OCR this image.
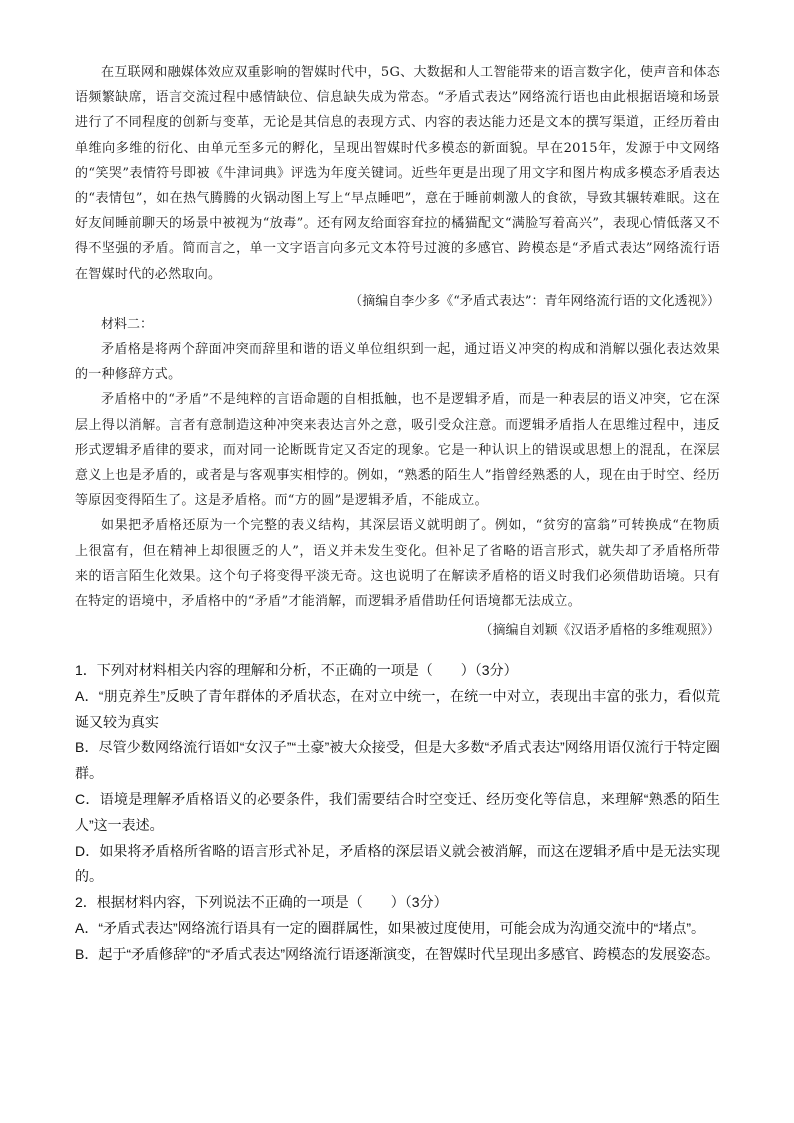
在互联网和融媒体效应双重影响的智媒时代中，5G、大数据和人工智能带来的语言数字化，使声音和体态语频繁缺席，语言交流过程中感情缺位、信息缺失成为常态。“矛盾式表达”网络流行语也由此根据语境和场景进行了不同程度的创新与变革，无论是其信息的表现方式、内容的表达能力还是文本的撰写渠道，正经历着由单维向多维的衍化、由单元至多元的孵化，呈现出智媒时代多模态的新面貌。早在2015年，发源于中文网络的“笑哭”表情符号即被《牛津词典》评选为年度关键词。近些年更是出现了用文字和图片构成多模态矛盾表达的“表情包”，如在热气腾腾的火锅动图上写上“早点睡吧”，意在于睡前刺激人的食欲，导致其辗转难眠。这在好友间睡前聊天的场景中被视为“放毒”。还有网友给面容耷拉的橘猫配文“满脸写着高兴”，表现心情低落又不得不坚强的矛盾。简而言之，单一文字语言向多元文本符号过渡的多感官、跨模态是“矛盾式表达”网络流行语在智媒时代的必然取向。

（摘编自李少多《“矛盾式表达”：青年网络流行语的文化透视》）

材料二：

矛盾格是将两个辞面冲突而辞里和谐的语义单位组织到一起，通过语义冲突的构成和消解以强化表达效果的一种修辞方式。

矛盾格中的“矛盾”不是纯粹的言语命题的自相抵触，也不是逻辑矛盾，而是一种表层的语义冲突，它在深层上得以消解。言者有意制造这种冲突来表达言外之意，吸引受众注意。而逻辑矛盾指人在思维过程中，违反形式逻辑矛盾律的要求，而对同一论断既肯定又否定的现象。它是一种认识上的错误或思想上的混乱，在深层意义上也是矛盾的，或者是与客观事实相悖的。例如，“熟悉的陌生人”指曾经熟悉的人，现在由于时空、经历等原因变得陌生了。这是矛盾格。而“方的圆”是逻辑矛盾，不能成立。

如果把矛盾格还原为一个完整的表义结构，其深层语义就明朗了。例如，“贫穷的富翁”可转换成“在物质上很富有，但在精神上却很匮乏的人”，语义并未发生变化。但补足了省略的语言形式，就失却了矛盾格所带来的语言陌生化效果。这个句子将变得平淡无奇。这也说明了在解读矛盾格的语义时我们必须借助语境。只有在特定的语境中，矛盾格中的“矛盾”才能消解，而逻辑矛盾借助任何语境都无法成立。

（摘编自刘颖《汉语矛盾格的多维观照》）

1．下列对材料相关内容的理解和分析，不正确的一项是（　　）（3分）

A．“朋克养生”反映了青年群体的矛盾状态，在对立中统一，在统一中对立，表现出丰富的张力，看似荒诞又较为真实

B．尽管少数网络流行语如“女汉子”“土豪”被大众接受，但是大多数“矛盾式表达”网络用语仅流行于特定圈群。

C．语境是理解矛盾格语义的必要条件，我们需要结合时空变迁、经历变化等信息，来理解“熟悉的陌生人”这一表述。

D．如果将矛盾格所省略的语言形式补足，矛盾格的深层语义就会被消解，而这在逻辑矛盾中是无法实现的。

2．根据材料内容，下列说法不正确的一项是（　　）（3分）

A．“矛盾式表达”网络流行语具有一定的圈群属性，如果被过度使用，可能会成为沟通交流中的“堵点”。

B．起于“矛盾修辞”的“矛盾式表达”网络流行语逐渐演变，在智媒时代呈现出多感官、跨模态的发展姿态。
